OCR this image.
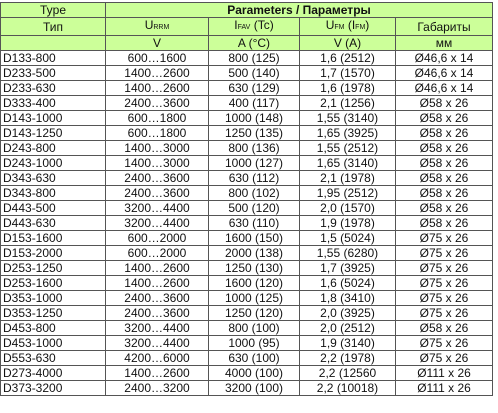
Type	Parameters / Параметры			
Тип	URRM	IFAV (Tc)	UFM (IFM)	Габариты
	V	A (°C)	V (A)	мм
D133-800	600…1600	800 (125)	1,6 (2512)	Ø46,6 x 14
D233-500	1400…2600	500 (140)	1,7 (1570)	Ø46,6 x 14
D233-630	1400…2600	630 (129)	1,6 (1978)	Ø46,6 x 14
D333-400	2400…3600	400 (117)	2,1 (1256)	Ø58 x 26
D143-1000	600…1800	1000 (148)	1,55 (3140)	Ø58 x 26
D143-1250	600…1800	1250 (135)	1,65 (3925)	Ø58 x 26
D243-800	1400…3000	800 (136)	1,55 (2512)	Ø58 x 26
D243-1000	1400…3000	1000 (127)	1,65 (3140)	Ø58 x 26
D343-630	2400…3600	630 (112)	2,1 (1978)	Ø58 x 26
D343-800	2400…3600	800 (102)	1,95 (2512)	Ø58 x 26
D443-500	3200…4400	500 (120)	2,0 (1570)	Ø58 x 26
D443-630	3200…4400	630 (110)	1,9 (1978)	Ø58 x 26
D153-1600	600…2000	1600 (150)	1,5 (5024)	Ø75 x 26
D153-2000	600…2000	2000 (138)	1,55 (6280)	Ø75 x 26
D253-1250	1400…2600	1250 (130)	1,7 (3925)	Ø75 x 26
D253-1600	1400…2600	1600 (120)	1,6 (5024)	Ø75 x 26
D353-1000	2400…3600	1000 (125)	1,8 (3410)	Ø75 x 26
D353-1250	2400…3600	1250 (120)	2,0 (3925)	Ø75 x 26
D453-800	3200…4400	800 (100)	2,0 (2512)	Ø58 x 26
D453-1000	3200…4400	1000 (95)	1,9 (3140)	Ø75 x 26
D553-630	4200…6000	630 (100)	2,2 (1978)	Ø75 x 26
D273-4000	1400…2600	4000 (100)	2,2 (12560	Ø111 x 26
D373-3200	2400…3200	3200 (100)	2,2 (10018)	Ø111 x 26
